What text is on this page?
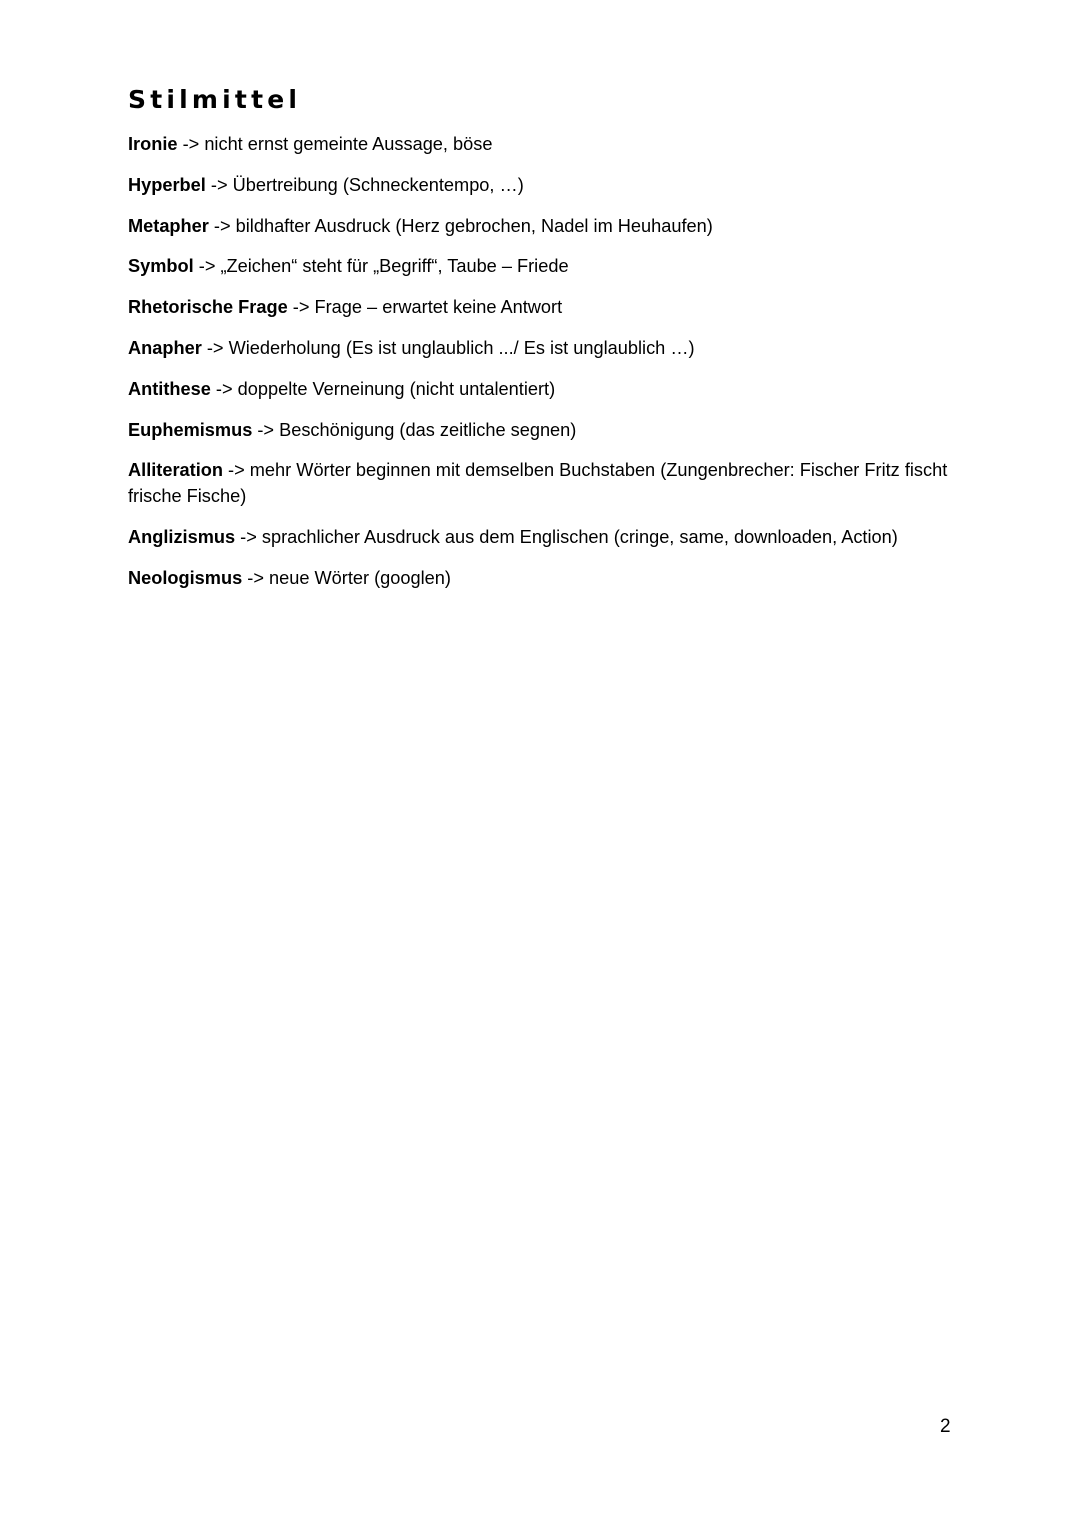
Stilmittel
Ironie -> nicht ernst gemeinte Aussage, böse
Hyperbel -> Übertreibung (Schneckentempo, …)
Metapher -> bildhafter Ausdruck (Herz gebrochen, Nadel im Heuhaufen)
Symbol -> „Zeichen“ steht für „Begriff“, Taube – Friede
Rhetorische Frage -> Frage – erwartet keine Antwort
Anapher -> Wiederholung (Es ist unglaublich .../ Es ist unglaublich …)
Antithese -> doppelte Verneinung (nicht untalentiert)
Euphemismus -> Beschönigung (das zeitliche segnen)
Alliteration -> mehr Wörter beginnen mit demselben Buchstaben (Zungenbrecher: Fischer Fritz fischt frische Fische)
Anglizismus -> sprachlicher Ausdruck aus dem Englischen (cringe, same, downloaden, Action)
Neologismus -> neue Wörter (googlen)
2
